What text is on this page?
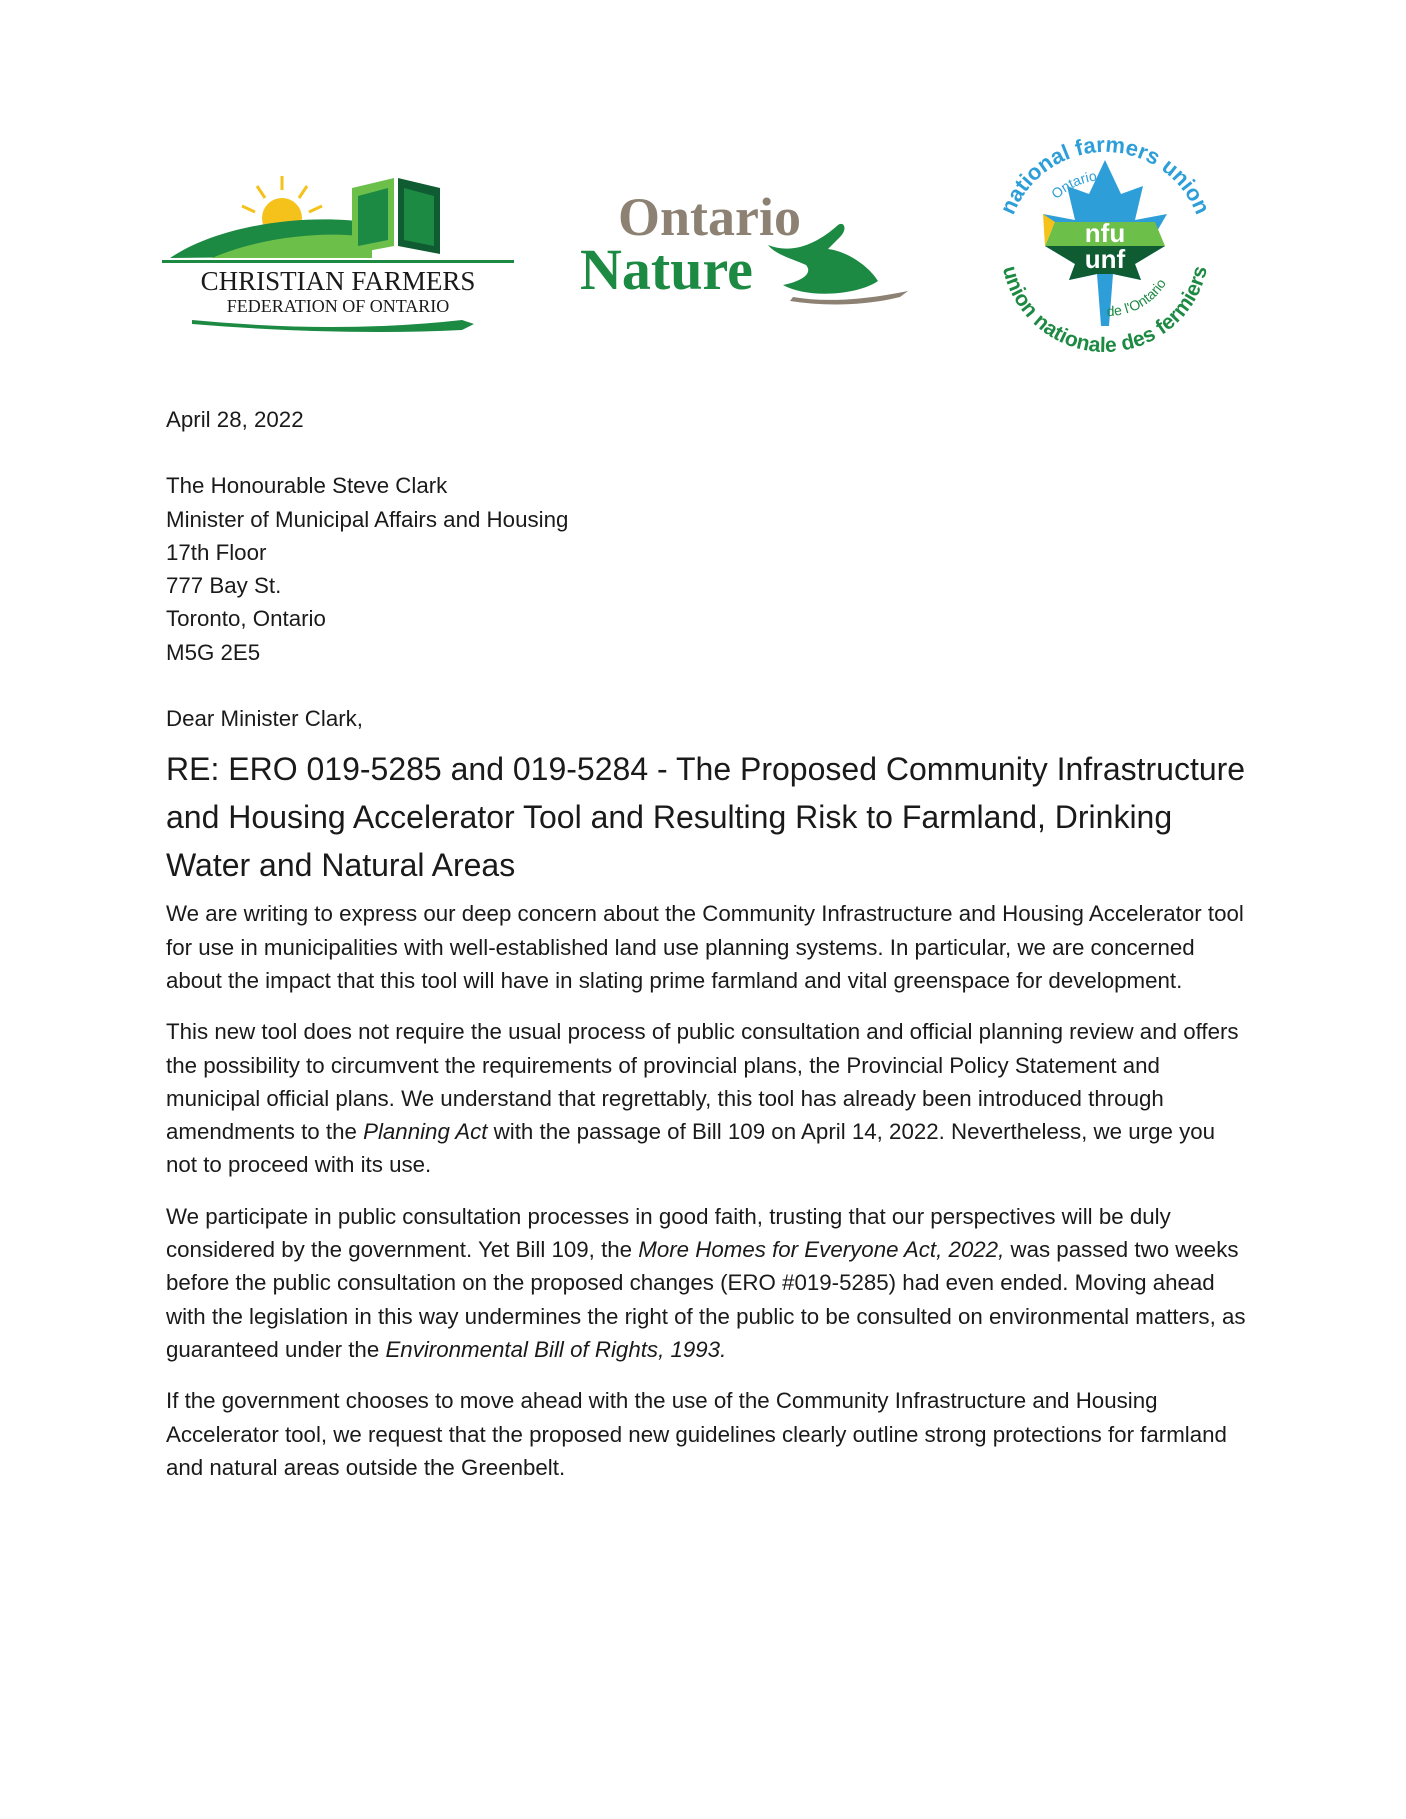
CHRISTIAN FARMERS
FEDERATION OF ONTARIO
Ontario
Nature
national farmers union
Ontario
nfu
unf
de l'Ontario
union nationale des fermiers

April 28, 2022

The Honourable Steve Clark

Minister of Municipal Affairs and Housing

17th Floor

777 Bay St.

Toronto, Ontario

M5G 2E5

Dear Minister Clark,

RE: ERO 019-5285 and 019-5284 - The Proposed Community Infrastructure and Housing Accelerator Tool and Resulting Risk to Farmland, Drinking Water and Natural Areas

We are writing to express our deep concern about the Community Infrastructure and Housing Accelerator tool for use in municipalities with well-established land use planning systems. In particular, we are concerned about the impact that this tool will have in slating prime farmland and vital greenspace for development.

This new tool does not require the usual process of public consultation and official planning review and offers the possibility to circumvent the requirements of provincial plans, the Provincial Policy Statement and municipal official plans. We understand that regrettably, this tool has already been introduced through amendments to the Planning Act with the passage of Bill 109 on April 14, 2022. Nevertheless, we urge you not to proceed with its use.

We participate in public consultation processes in good faith, trusting that our perspectives will be duly considered by the government. Yet Bill 109, the More Homes for Everyone Act, 2022, was passed two weeks before the public consultation on the proposed changes (ERO #019-5285) had even ended. Moving ahead with the legislation in this way undermines the right of the public to be consulted on environmental matters, as guaranteed under the Environmental Bill of Rights, 1993.

If the government chooses to move ahead with the use of the Community Infrastructure and Housing Accelerator tool, we request that the proposed new guidelines clearly outline strong protections for farmland and natural areas outside the Greenbelt.
